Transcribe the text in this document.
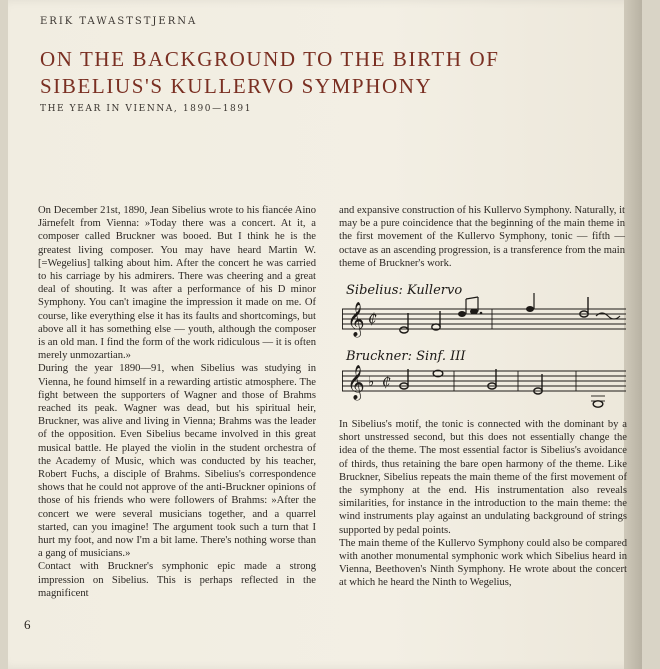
ERIK TAWASTSTJERNA
ON THE BACKGROUND TO THE BIRTH OF
SIBELIUS'S KULLERVO SYMPHONY
THE YEAR IN VIENNA, 1890—1891

On December 21st, 1890, Jean Sibelius wrote to his fiancée Aino Järnefelt from Vienna: »Today there was a concert. At it, a composer called Bruckner was booed. But I think he is the greatest living composer. You may have heard Martin W. [=Wegelius] talking about him. After the concert he was carried to his carriage by his admirers. There was cheering and a great deal of shouting. It was after a performance of his D minor Symphony. You can't imagine the impression it made on me. Of course, like everything else it has its faults and shortcomings, but above all it has something else — youth, although the composer is an old man. I find the form of the work ridiculous — it is often merely unmozartian.»

During the year 1890—91, when Sibelius was studying in Vienna, he found himself in a rewarding artistic atmosphere. The fight between the supporters of Wagner and those of Brahms reached its peak. Wagner was dead, but his spiritual heir, Bruckner, was alive and living in Vienna; Brahms was the leader of the opposition. Even Sibelius became involved in this great musical battle. He played the violin in the student orchestra of the Academy of Music, which was conducted by his teacher, Robert Fuchs, a disciple of Brahms. Sibelius's correspondence shows that he could not approve of the anti-Bruckner opinions of those of his friends who were followers of Brahms: »After the concert we were several musicians together, and a quarrel started, can you imagine! The argument took such a turn that I hurt my foot, and now I'm a bit lame. There's nothing worse than a gang of musicians.»

Contact with Bruckner's symphonic epic made a strong impression on Sibelius. This is perhaps reflected in the magnificent

and expansive construction of his Kullervo Symphony. Naturally, it may be a pure coincidence that the beginning of the main theme in the first movement of the Kullervo Symphony, tonic — fifth — octave as an ascending progression, is a transference from the main theme of Bruckner's work.

Sibelius: Kullervo
𝄞 ₵
Bruckner: Sinf. III
𝄞 ♭ ₵

In Sibelius's motif, the tonic is connected with the dominant by a short unstressed second, but this does not essentially change the idea of the theme. The most essential factor is Sibelius's avoidance of thirds, thus retaining the bare open harmony of the theme. Like Bruckner, Sibelius repeats the main theme of the first movement of the symphony at the end. His instrumentation also reveals similarities, for instance in the introduction to the main theme: the wind instruments play against an undulating background of strings supported by pedal points.

The main theme of the Kullervo Symphony could also be compared with another monumental symphonic work which Sibelius heard in Vienna, Beethoven's Ninth Symphony. He wrote about the concert at which he heard the Ninth to Wegelius,

6
